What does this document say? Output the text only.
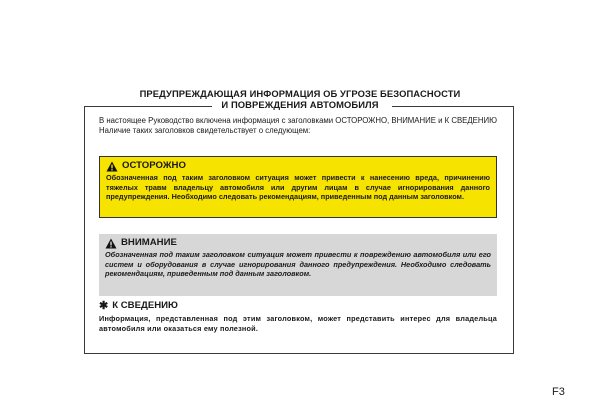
ПРЕДУПРЕЖДАЮЩАЯ ИНФОРМАЦИЯ ОБ УГРОЗЕ БЕЗОПАСНОСТИ
И ПОВРЕЖДЕНИЯ АВТОМОБИЛЯ

В настоящее Руководство включена информация с заголовками ОСТОРОЖНО, ВНИМАНИЕ и К СВЕДЕНИЮ

Наличие таких заголовков свидетельствует о следующем:

ОСТОРОЖНО
Обозначенная под таким заголовком ситуация может привести к нанесению вреда, причинению тяжелых травм владельцу автомобиля или другим лицам в случае игнорирования данного предупреждения. Необходимо следовать рекомендациям, приведенным под данным заголовком.
ВНИМАНИЕ
Обозначенная под таким заголовком ситуация может привести к повреждению автомобиля или его систем и оборудования в случае игнорирования данного предупреждения. Необходимо следовать рекомендациям, приведенным под данным заголовком.
✱ К СВЕДЕНИЮ
Информация, представленная под этим заголовком, может представить интерес для владельца автомобиля или оказаться ему полезной.
F3
